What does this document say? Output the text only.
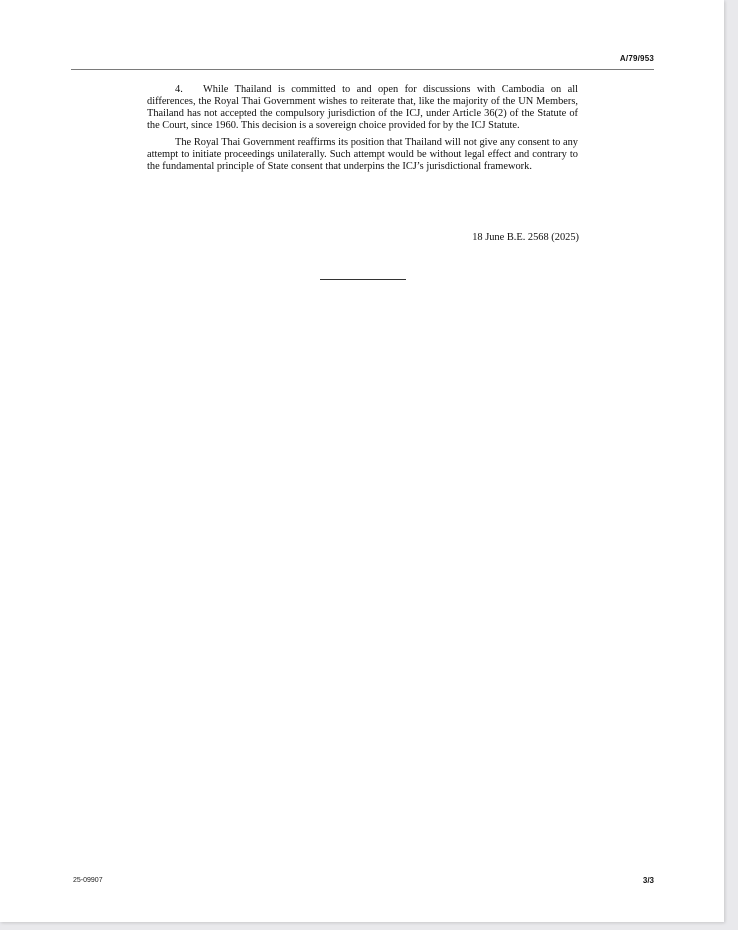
A/79/953

4. While Thailand is committed to and open for discussions with Cambodia on all differences, the Royal Thai Government wishes to reiterate that, like the majority of the UN Members, Thailand has not accepted the compulsory jurisdiction of the ICJ, under Article 36(2) of the Statute of the Court, since 1960. This decision is a sovereign choice provided for by the ICJ Statute.

The Royal Thai Government reaffirms its position that Thailand will not give any consent to any attempt to initiate proceedings unilaterally. Such attempt would be without legal effect and contrary to the fundamental principle of State consent that underpins the ICJ’s jurisdictional framework.

18 June B.E. 2568 (2025)
25-09907	3/3
